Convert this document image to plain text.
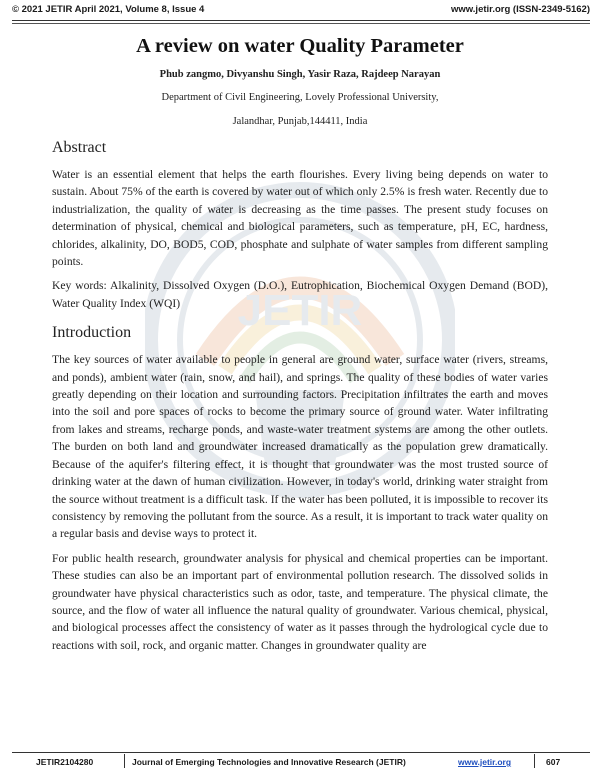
© 2021 JETIR April 2021, Volume 8, Issue 4	www.jetir.org (ISSN-2349-5162)
JETIR
A review on water Quality Parameter
Phub zangmo, Divyanshu Singh, Yasir Raza, Rajdeep Narayan
Department of Civil Engineering, Lovely Professional University,
Jalandhar, Punjab,144411, India
Abstract

Water is an essential element that helps the earth flourishes. Every living being depends on water to sustain. About 75% of the earth is covered by water out of which only 2.5% is fresh water. Recently due to industrialization, the quality of water is decreasing as the time passes. The present study focuses on determination of physical, chemical and biological parameters, such as temperature, pH, EC, hardness, chlorides, alkalinity, DO, BOD5, COD, phosphate and sulphate of water samples from different sampling points.

Key words: Alkalinity, Dissolved Oxygen (D.O.), Eutrophication, Biochemical Oxygen Demand (BOD), Water Quality Index (WQI)

Introduction

The key sources of water available to people in general are ground water, surface water (rivers, streams, and ponds), ambient water (rain, snow, and hail), and springs. The quality of these bodies of water varies greatly depending on their location and surrounding factors. Precipitation infiltrates the earth and moves into the soil and pore spaces of rocks to become the primary source of ground water. Water infiltrating from lakes and streams, recharge ponds, and waste-water treatment systems are among the other outlets. The burden on both land and groundwater increased dramatically as the population grew dramatically. Because of the aquifer's filtering effect, it is thought that groundwater was the most trusted source of drinking water at the dawn of human civilization. However, in today's world, drinking water straight from the source without treatment is a difficult task. If the water has been polluted, it is impossible to recover its consistency by removing the pollutant from the source. As a result, it is important to track water quality on a regular basis and devise ways to protect it.

For public health research, groundwater analysis for physical and chemical properties can be important. These studies can also be an important part of environmental pollution research. The dissolved solids in groundwater have physical characteristics such as odor, taste, and temperature. The physical climate, the source, and the flow of water all influence the natural quality of groundwater. Various chemical, physical, and biological processes affect the consistency of water as it passes through the hydrological cycle due to reactions with soil, rock, and organic matter. Changes in groundwater quality are

JETIR2104280	Journal of Emerging Technologies and Innovative Research (JETIR)	www.jetir.org	607
